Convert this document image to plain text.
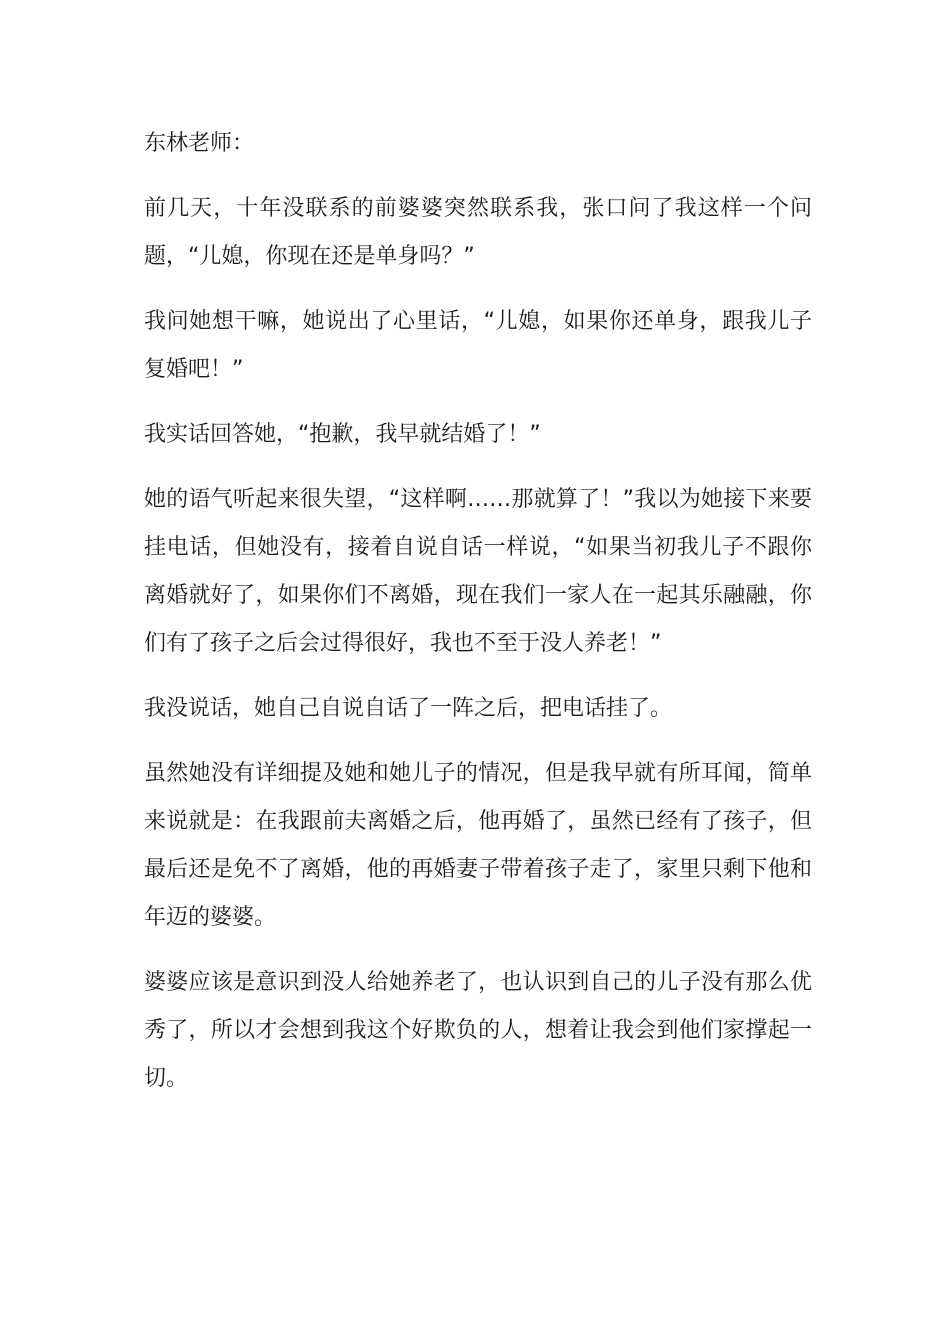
东林老师：

前几天，十年没联系的前婆婆突然联系我，张口问了我这样一个问题，“儿媳，你现在还是单身吗？”

我问她想干嘛，她说出了心里话，“儿媳，如果你还单身，跟我儿子复婚吧！”

我实话回答她，“抱歉，我早就结婚了！”

她的语气听起来很失望，“这样啊……那就算了！”我以为她接下来要挂电话，但她没有，接着自说自话一样说，“如果当初我儿子不跟你离婚就好了，如果你们不离婚，现在我们一家人在一起其乐融融，你们有了孩子之后会过得很好，我也不至于没人养老！”

我没说话，她自己自说自话了一阵之后，把电话挂了。

虽然她没有详细提及她和她儿子的情况，但是我早就有所耳闻，简单来说就是：在我跟前夫离婚之后，他再婚了，虽然已经有了孩子，但最后还是免不了离婚，他的再婚妻子带着孩子走了，家里只剩下他和年迈的婆婆。

婆婆应该是意识到没人给她养老了，也认识到自己的儿子没有那么优秀了，所以才会想到我这个好欺负的人，想着让我会到他们家撑起一切。
